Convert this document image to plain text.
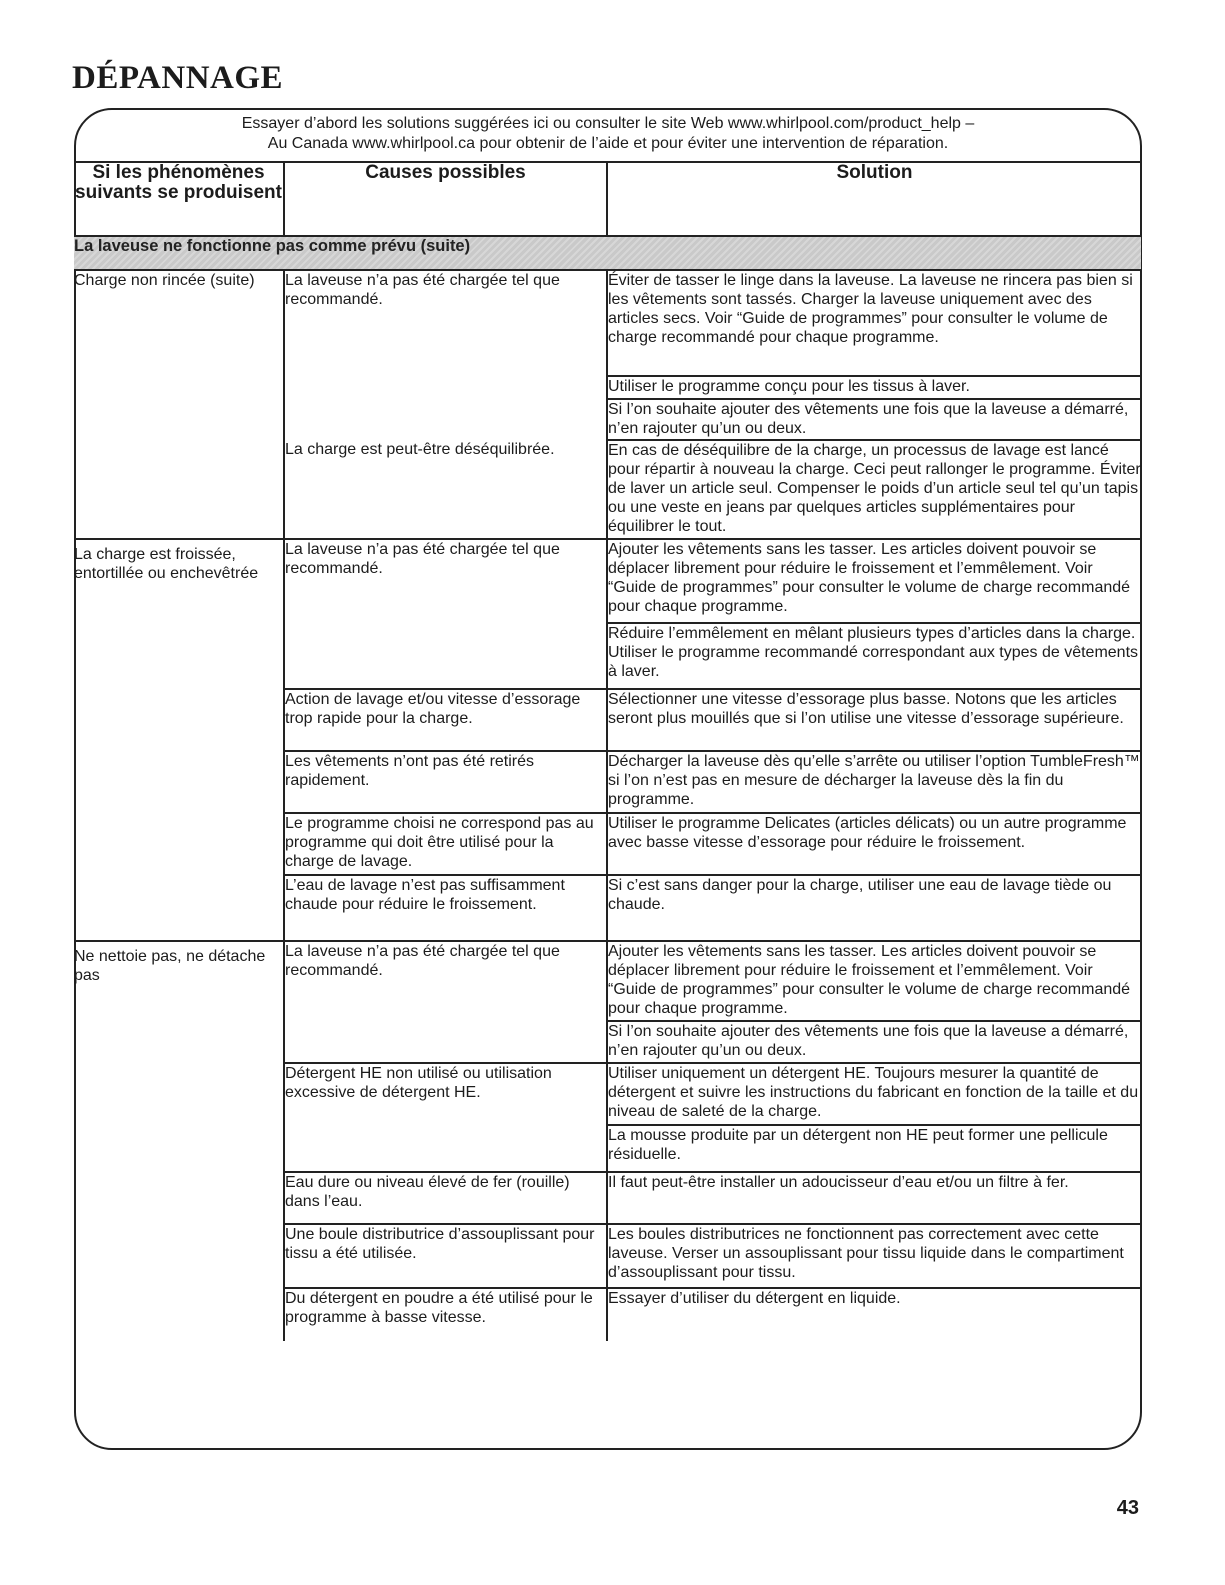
DÉPANNAGE
Essayer d’abord les solutions suggérées ici ou consulter le site Web www.whirlpool.com/product_help –
Au Canada www.whirlpool.ca pour obtenir de l’aide et pour éviter une intervention de réparation.
Si les phénomènes suivants se produisent	Causes possibles	Solution
La laveuse ne fonctionne pas comme prévu (suite)		
Charge non rincée (suite)	La laveuse n’a pas été chargée tel que recommandé.	Éviter de tasser le linge dans la laveuse. La laveuse ne rincera pas bien si les vêtements sont tassés. Charger la laveuse uniquement avec des articles secs. Voir “Guide de programmes” pour consulter le volume de charge recommandé pour chaque programme.
		Utiliser le programme conçu pour les tissus à laver.
		Si l’on souhaite ajouter des vêtements une fois que la laveuse a démarré, n’en rajouter qu’un ou deux.
	La charge est peut-être déséquilibrée.	En cas de déséquilibre de la charge, un processus de lavage est lancé pour répartir à nouveau la charge. Ceci peut rallonger le programme. Éviter de laver un article seul. Compenser le poids d’un article seul tel qu’un tapis ou une veste en jeans par quelques articles supplémentaires pour équilibrer le tout.
La charge est froissée, entortillée ou enchevêtrée	La laveuse n’a pas été chargée tel que recommandé.	Ajouter les vêtements sans les tasser. Les articles doivent pouvoir se déplacer librement pour réduire le froissement et l’emmêlement. Voir “Guide de programmes” pour consulter le volume de charge recommandé pour chaque programme.
		Réduire l’emmêlement en mêlant plusieurs types d’articles dans la charge. Utiliser le programme recommandé correspondant aux types de vêtements à laver.
	Action de lavage et/ou vitesse d’essorage trop rapide pour la charge.	Sélectionner une vitesse d’essorage plus basse. Notons que les articles seront plus mouillés que si l’on utilise une vitesse d’essorage supérieure.
	Les vêtements n’ont pas été retirés rapidement.	Décharger la laveuse dès qu’elle s’arrête ou utiliser l’option TumbleFresh™ si l’on n’est pas en mesure de décharger la laveuse dès la fin du programme.
	Le programme choisi ne correspond pas au programme qui doit être utilisé pour la charge de lavage.	Utiliser le programme Delicates (articles délicats) ou un autre programme avec basse vitesse d’essorage pour réduire le froissement.
	L’eau de lavage n’est pas suffisamment chaude pour réduire le froissement.	Si c’est sans danger pour la charge, utiliser une eau de lavage tiède ou chaude.
Ne nettoie pas, ne détache pas	La laveuse n’a pas été chargée tel que recommandé.	Ajouter les vêtements sans les tasser. Les articles doivent pouvoir se déplacer librement pour réduire le froissement et l’emmêlement. Voir “Guide de programmes” pour consulter le volume de charge recommandé pour chaque programme.
		Si l’on souhaite ajouter des vêtements une fois que la laveuse a démarré, n’en rajouter qu’un ou deux.
	Détergent HE non utilisé ou utilisation excessive de détergent HE.	Utiliser uniquement un détergent HE. Toujours mesurer la quantité de détergent et suivre les instructions du fabricant en fonction de la taille et du niveau de saleté de la charge.
		La mousse produite par un détergent non HE peut former une pellicule résiduelle.
	Eau dure ou niveau élevé de fer (rouille) dans l’eau.	Il faut peut-être installer un adoucisseur d’eau et/ou un filtre à fer.
	Une boule distributrice d’assouplissant pour tissu a été utilisée.	Les boules distributrices ne fonctionnent pas correctement avec cette laveuse. Verser un assouplissant pour tissu liquide dans le compartiment d’assouplissant pour tissu.
	Du détergent en poudre a été utilisé pour le programme à basse vitesse.	Essayer d’utiliser du détergent en liquide.
43
